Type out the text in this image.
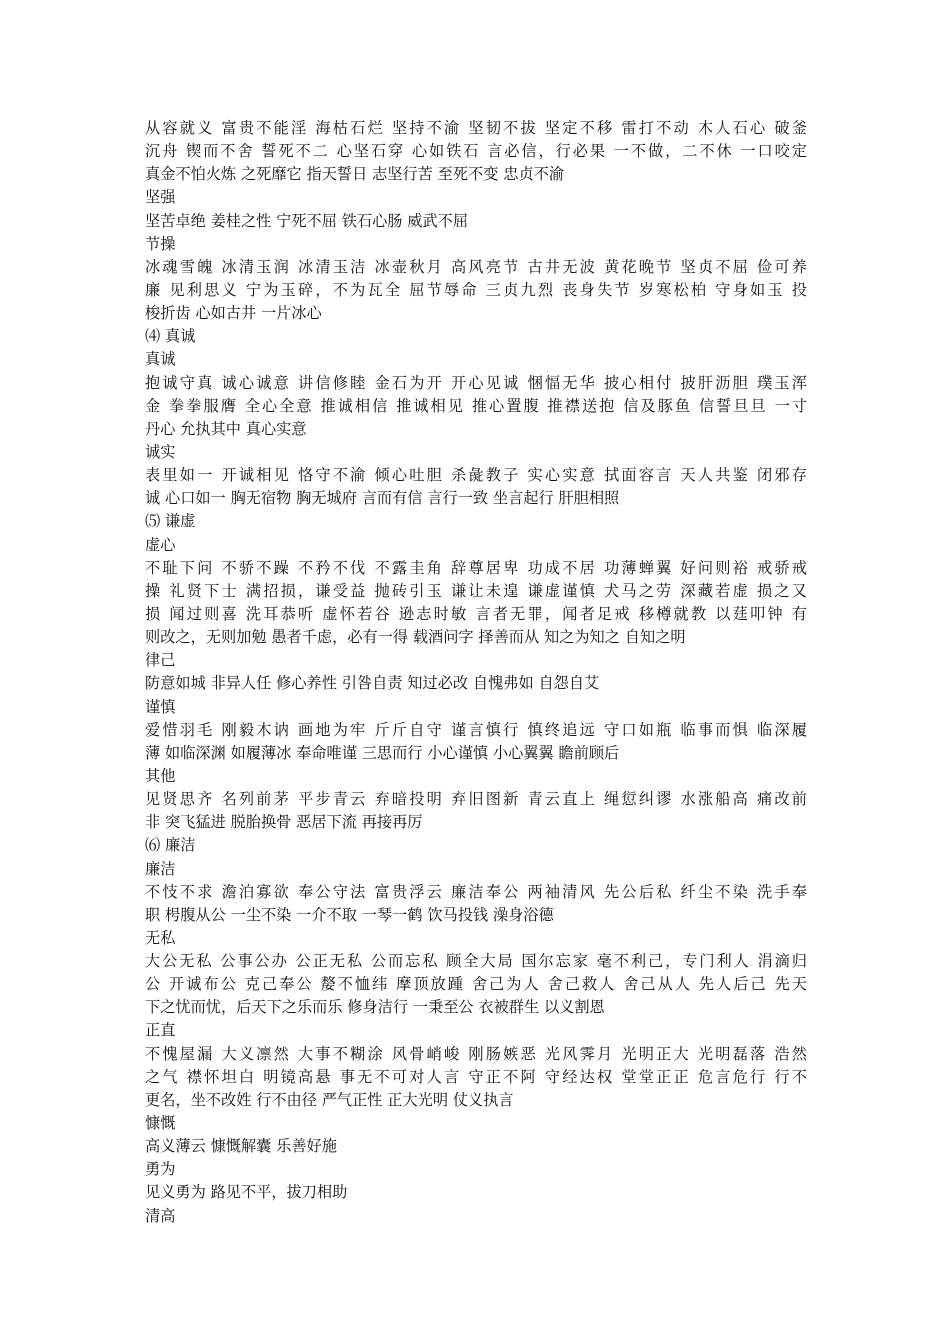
从容就义 富贵不能淫 海枯石烂 坚持不渝 坚韧不拔 坚定不移 雷打不动 木人石心 破釜
沉舟 锲而不舍 誓死不二 心坚石穿 心如铁石 言必信，行必果 一不做，二不休 一口咬定
真金不怕火炼 之死靡它 指天誓日 志坚行苦 至死不变 忠贞不渝
坚强
坚苦卓绝 姜桂之性 宁死不屈 铁石心肠 威武不屈
节操
冰魂雪魄 冰清玉润 冰清玉洁 冰壶秋月 高风亮节 古井无波 黄花晚节 坚贞不屈 俭可养
廉 见利思义 宁为玉碎，不为瓦全 屈节辱命 三贞九烈 丧身失节 岁寒松柏 守身如玉 投
梭折齿 心如古井 一片冰心
⑷ 真诚
真诚
抱诚守真 诚心诚意 讲信修睦 金石为开 开心见诚 悃愊无华 披心相付 披肝沥胆 璞玉浑
金 拳拳服膺 全心全意 推诚相信 推诚相见 推心置腹 推襟送抱 信及豚鱼 信誓旦旦 一寸
丹心 允执其中 真心实意
诚实
表里如一 开诚相见 恪守不渝 倾心吐胆 杀彘教子 实心实意 拭面容言 天人共鉴 闭邪存
诚 心口如一 胸无宿物 胸无城府 言而有信 言行一致 坐言起行 肝胆相照
⑸ 谦虚
虚心
不耻下问 不骄不躁 不矜不伐 不露圭角 辞尊居卑 功成不居 功薄蝉翼 好问则裕 戒骄戒
操 礼贤下士 满招损，谦受益 抛砖引玉 谦让未遑 谦虚谨慎 犬马之劳 深藏若虚 损之又
损 闻过则喜 洗耳恭听 虚怀若谷 逊志时敏 言者无罪，闻者足戒 移樽就教 以莛叩钟 有
则改之，无则加勉 愚者千虑，必有一得 载酒问字 择善而从 知之为知之 自知之明
律己
防意如城 非异人任 修心养性 引咎自责 知过必改 自愧弗如 自怨自艾
谨慎
爱惜羽毛 刚毅木讷 画地为牢 斤斤自守 谨言慎行 慎终追远 守口如瓶 临事而惧 临深履
薄 如临深渊 如履薄冰 奉命唯谨 三思而行 小心谨慎 小心翼翼 瞻前顾后
其他
见贤思齐 名列前茅 平步青云 弃暗投明 弃旧图新 青云直上 绳愆纠谬 水涨船高 痛改前
非 突飞猛进 脱胎换骨 恶居下流 再接再厉
⑹ 廉洁
廉洁
不忮不求 澹泊寡欲 奉公守法 富贵浮云 廉洁奉公 两袖清风 先公后私 纤尘不染 洗手奉
职 枵腹从公 一尘不染 一介不取 一琴一鹤 饮马投钱 澡身浴德
无私
大公无私 公事公办 公正无私 公而忘私 顾全大局 国尔忘家 毫不利己，专门利人 涓滴归
公 开诚布公 克己奉公 嫠不恤纬 摩顶放踵 舍己为人 舍己救人 舍己从人 先人后己 先天
下之忧而忧，后天下之乐而乐 修身洁行 一秉至公 衣被群生 以义割恩
正直
不愧屋漏 大义凛然 大事不糊涂 风骨峭峻 刚肠嫉恶 光风霁月 光明正大 光明磊落 浩然
之气 襟怀坦白 明镜高悬 事无不可对人言 守正不阿 守经达权 堂堂正正 危言危行 行不
更名，坐不改姓 行不由径 严气正性 正大光明 仗义执言
慷慨
高义薄云 慷慨解囊 乐善好施
勇为
见义勇为 路见不平，拔刀相助
清高
